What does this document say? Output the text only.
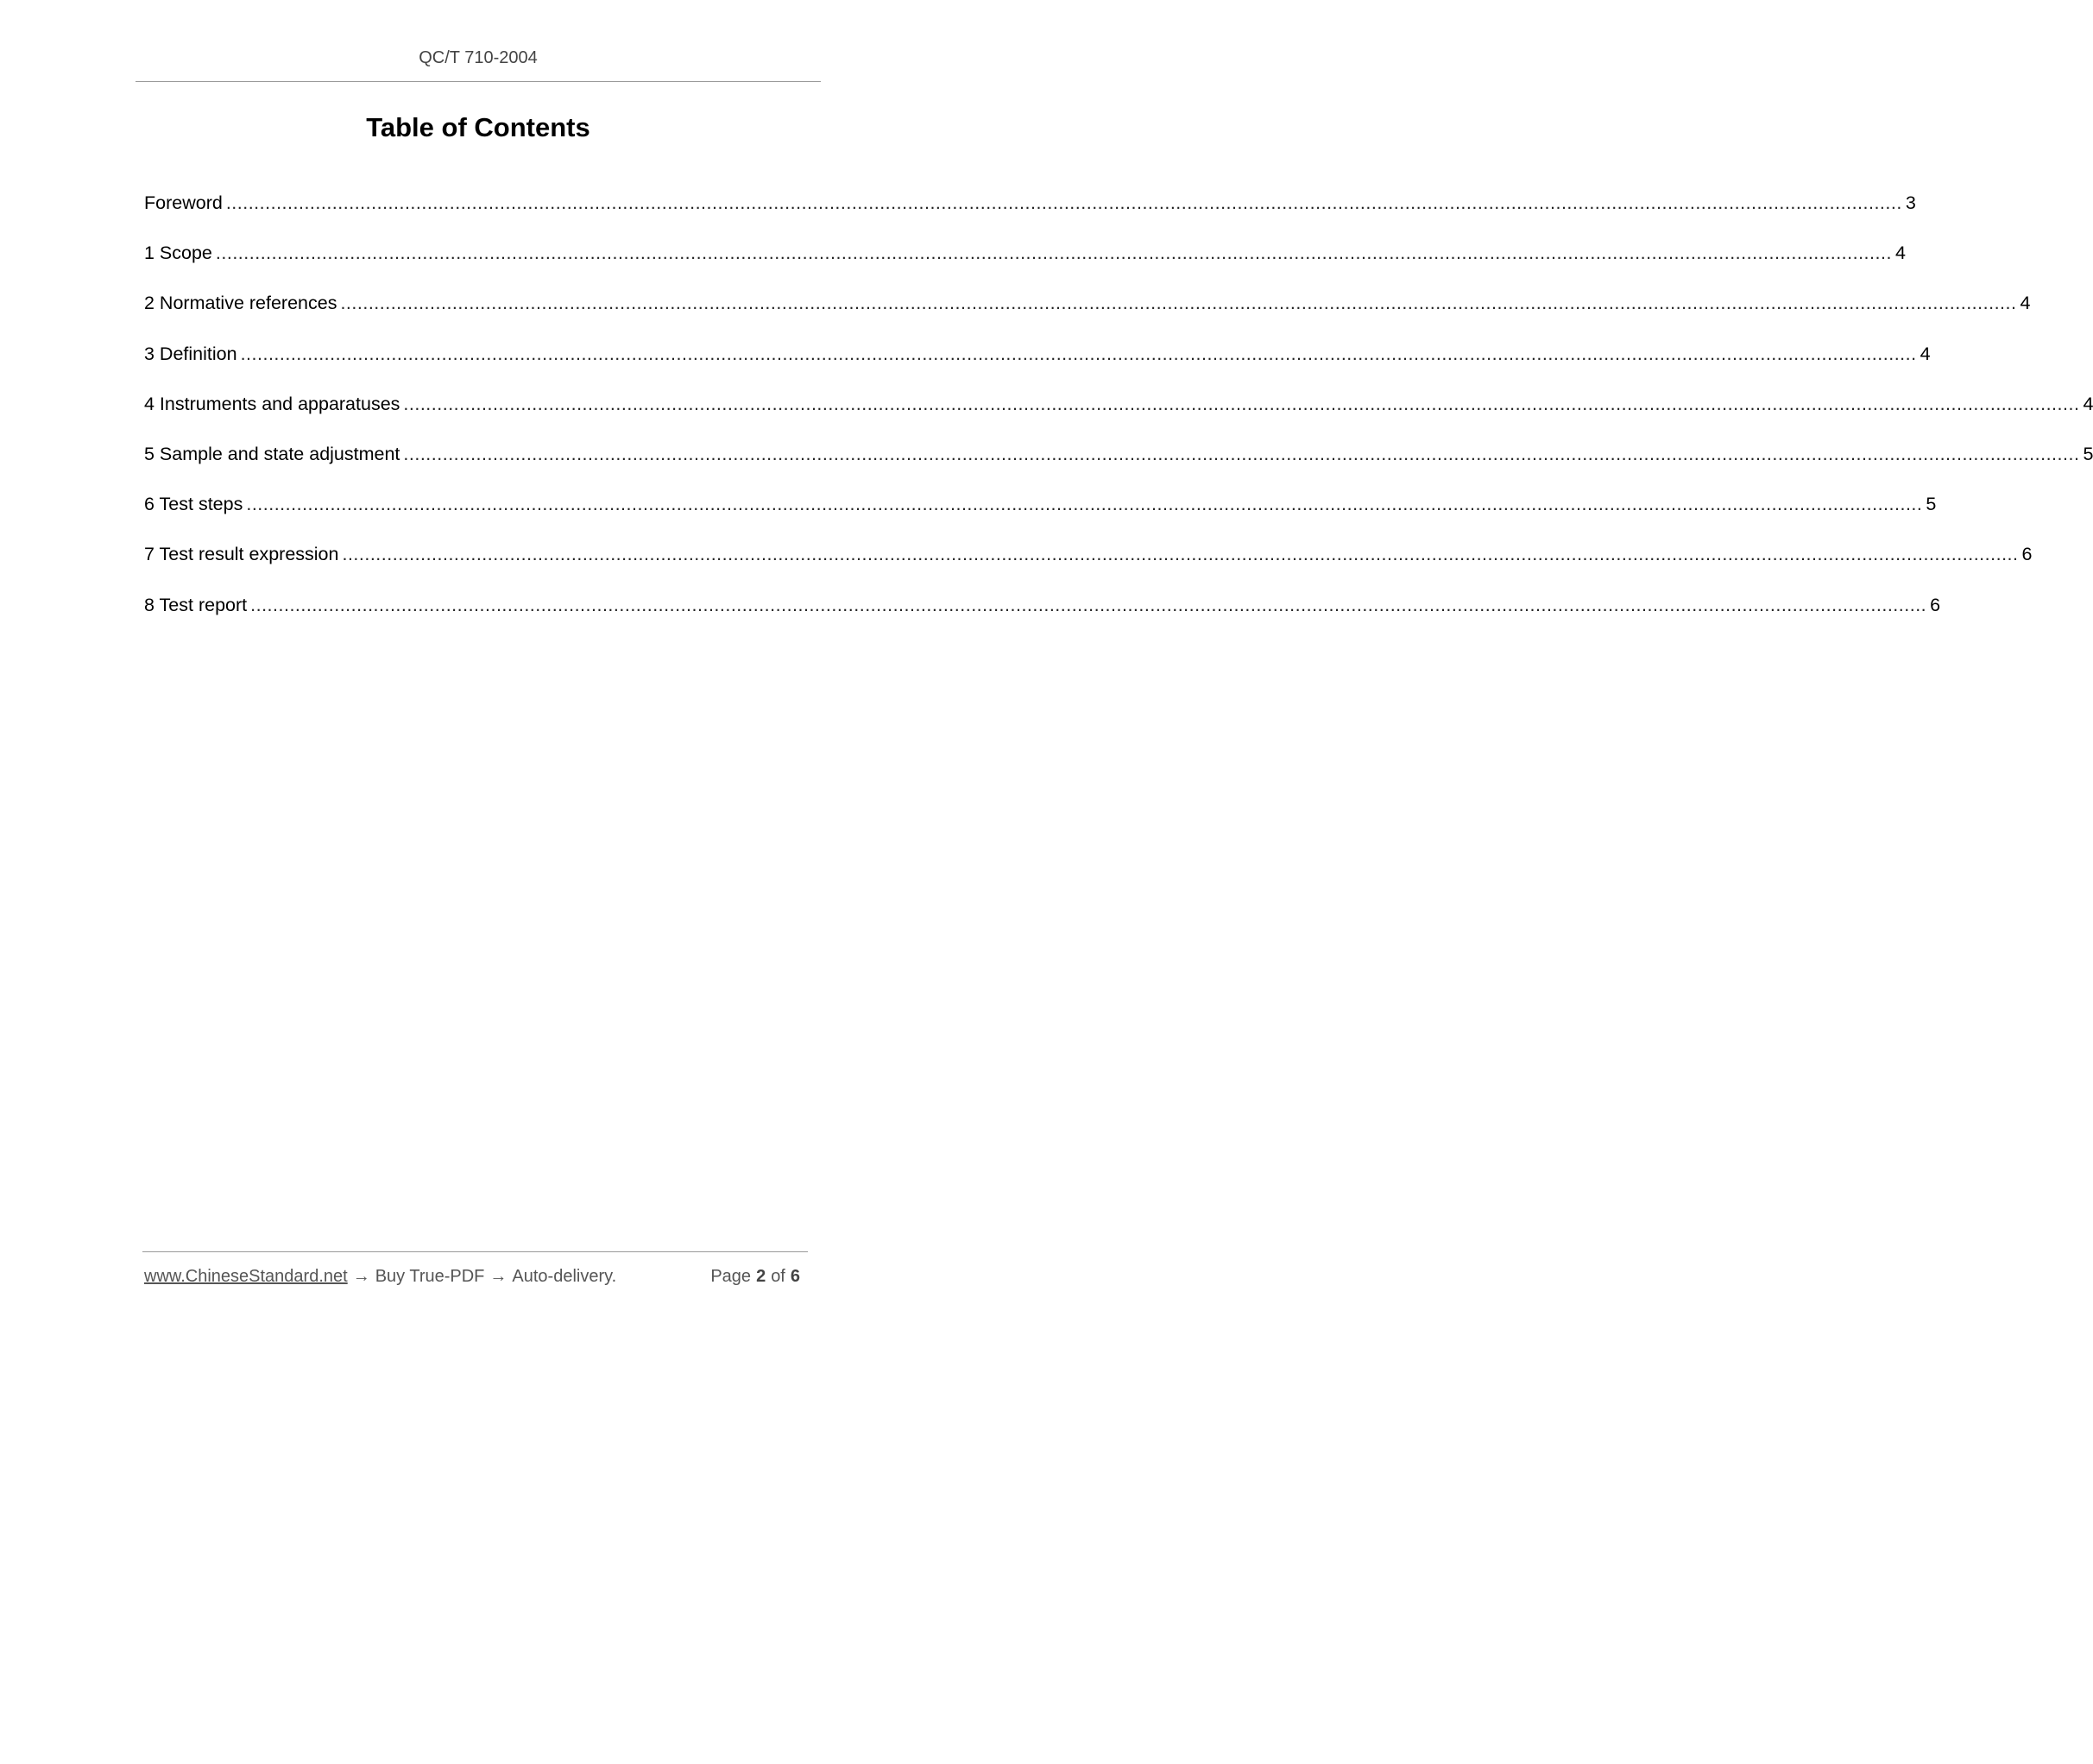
QC/T 710-2004
Table of Contents
Foreword ............................................................................................................................................................................................................................................................................................................ 3
1 Scope ............................................................................................................................................................................................................................................................................................................ 4
2 Normative references ............................................................................................................................................................................................................................................................................................................ 4
3 Definition ............................................................................................................................................................................................................................................................................................................ 4
4 Instruments and apparatuses ............................................................................................................................................................................................................................................................................................................ 4
5 Sample and state adjustment ............................................................................................................................................................................................................................................................................................................ 5
6 Test steps ............................................................................................................................................................................................................................................................................................................ 5
7 Test result expression ............................................................................................................................................................................................................................................................................................................ 6
8 Test report ............................................................................................................................................................................................................................................................................................................ 6
www.ChineseStandard.net → Buy True-PDF → Auto-delivery.	Page 2 of 6
